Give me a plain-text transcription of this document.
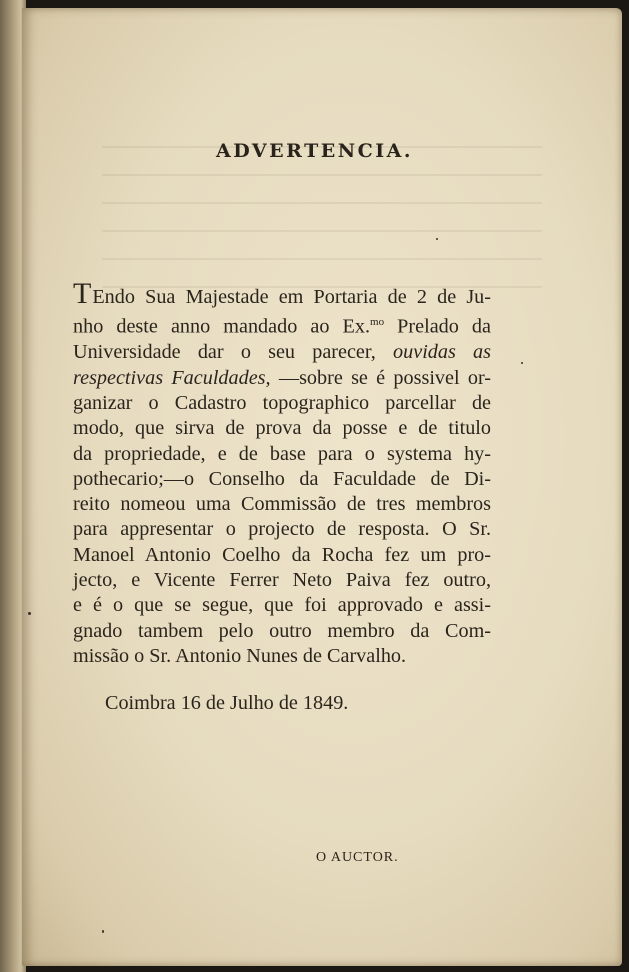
ADVERTENCIA.
TEndo Sua Majestade em Portaria de 2 de Ju-
nho deste anno mandado ao Ex.$^{mo}$ Prelado da
Universidade dar o seu parecer, ouvidas as
respectivas Faculdades, —sobre se é possivel or-
ganizar o Cadastro topographico parcellar de
modo, que sirva de prova da posse e de titulo
da propriedade, e de base para o systema hy-
pothecario;—o Conselho da Faculdade de Di-
reito nomeou uma Commissão de tres membros
para appresentar o projecto de resposta. O Sr.
Manoel Antonio Coelho da Rocha fez um pro-
jecto, e Vicente Ferrer Neto Paiva fez outro,
e é o que se segue, que foi approvado e assi-
gnado tambem pelo outro membro da Com-
missão o Sr. Antonio Nunes de Carvalho.
Coimbra 16 de Julho de 1849.
O AUCTOR.
